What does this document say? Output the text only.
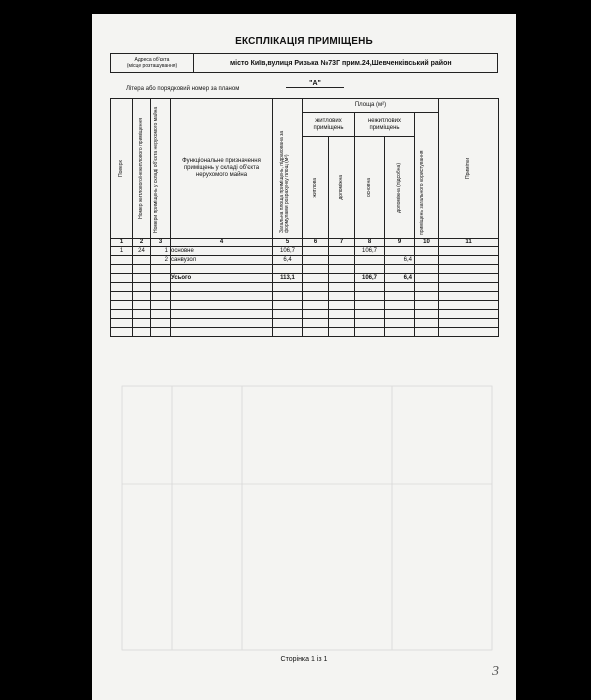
ЕКСПЛІКАЦІЯ ПРИМІЩЕНЬ
Адреса об'єкта
(місце розташування)	місто Київ,вулиця Ризька №73Г прим.24,Шевченківський район
Літера або порядковий номер за планом
"А"
Поверх	Номер житлового/нежитлового приміщення	Номери приміщень у складі об'єкта нерухомого майна	Функціональне призначення приміщень у складі об'єкта нерухомого майна	Загальна площа приміщень, підрахована за формулами розрахунку площ (м²)	Площа (м²)					Примітки

					житлових приміщень		нежитлових приміщень		приміщень загального користування	

					житлова	допоміжна	основна	допоміжна (підсобна)		

1	2	3	4	5	6	7	8	9	10	11
1	24	1	основне	106,7			106,7			
		2	санвузол	6,4				6,4		

			Усього	113,1			106,7	6,4		

Сторінка 1 із 1
3
